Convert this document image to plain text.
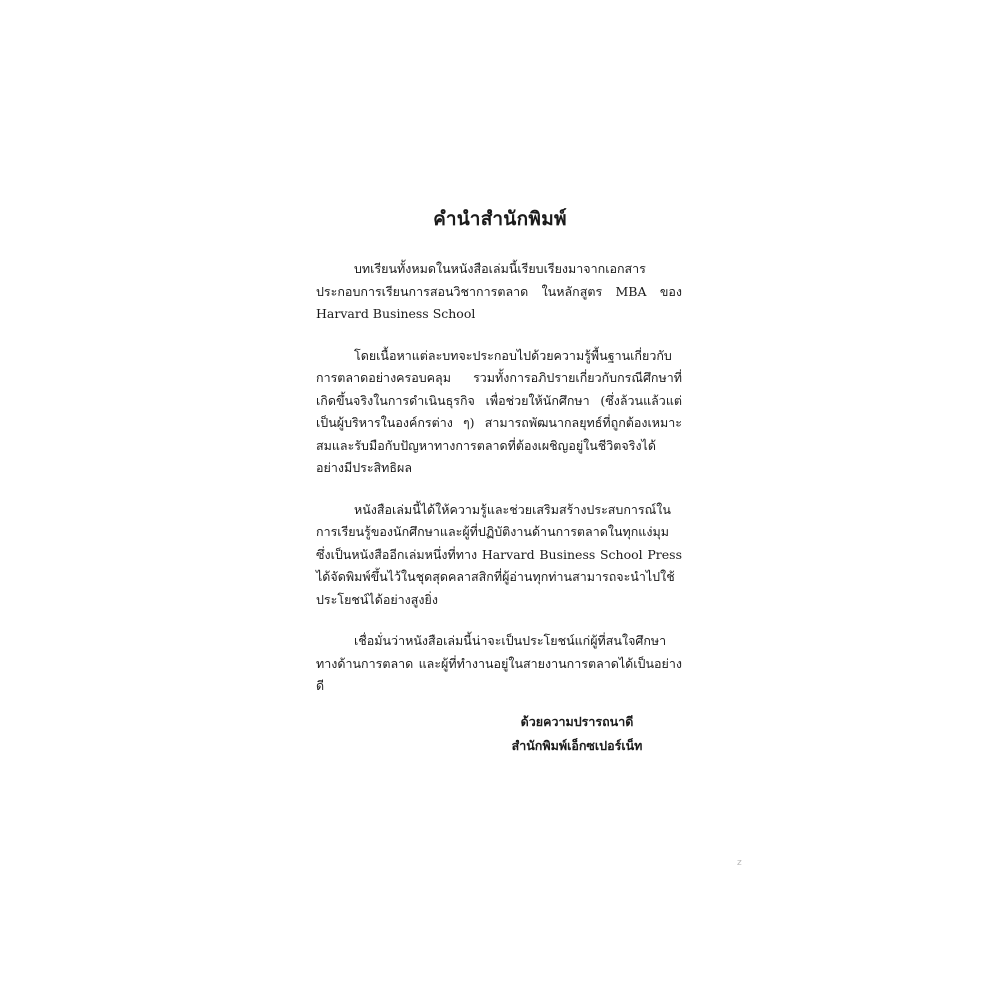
คำนำสำนักพิมพ์

บทเรียนทั้งหมดในหนังสือเล่มนี้เรียบเรียงมาจากเอกสารประกอบการเรียนการสอนวิชาการตลาด ในหลักสูตร MBA ของ Harvard Business School

โดยเนื้อหาแต่ละบทจะประกอบไปด้วยความรู้พื้นฐานเกี่ยวกับการตลาดอย่างครอบคลุม รวมทั้งการอภิปรายเกี่ยวกับกรณีศึกษาที่เกิดขึ้นจริงในการดำเนินธุรกิจ เพื่อช่วยให้นักศึกษา (ซึ่งล้วนแล้วแต่เป็นผู้บริหารในองค์กรต่าง ๆ) สามารถพัฒนากลยุทธ์ที่ถูกต้องเหมาะสมและรับมือกับปัญหาทางการตลาดที่ต้องเผชิญอยู่ในชีวิตจริงได้อย่างมีประสิทธิผล

หนังสือเล่มนี้ได้ให้ความรู้และช่วยเสริมสร้างประสบการณ์ในการเรียนรู้ของนักศึกษาและผู้ที่ปฏิบัติงานด้านการตลาดในทุกแง่มุม ซึ่งเป็นหนังสืออีกเล่มหนึ่งที่ทาง Harvard Business School Press ได้จัดพิมพ์ขึ้นไว้ในชุดสุดคลาสสิกที่ผู้อ่านทุกท่านสามารถจะนำไปใช้ประโยชน์ได้อย่างสูงยิ่ง

เชื่อมั่นว่าหนังสือเล่มนี้น่าจะเป็นประโยชน์แก่ผู้ที่สนใจศึกษาทางด้านการตลาด และผู้ที่ทำงานอยู่ในสายงานการตลาดได้เป็นอย่างดี

ด้วยความปรารถนาดี
สำนักพิมพ์เอ็กซเปอร์เน็ท
z
